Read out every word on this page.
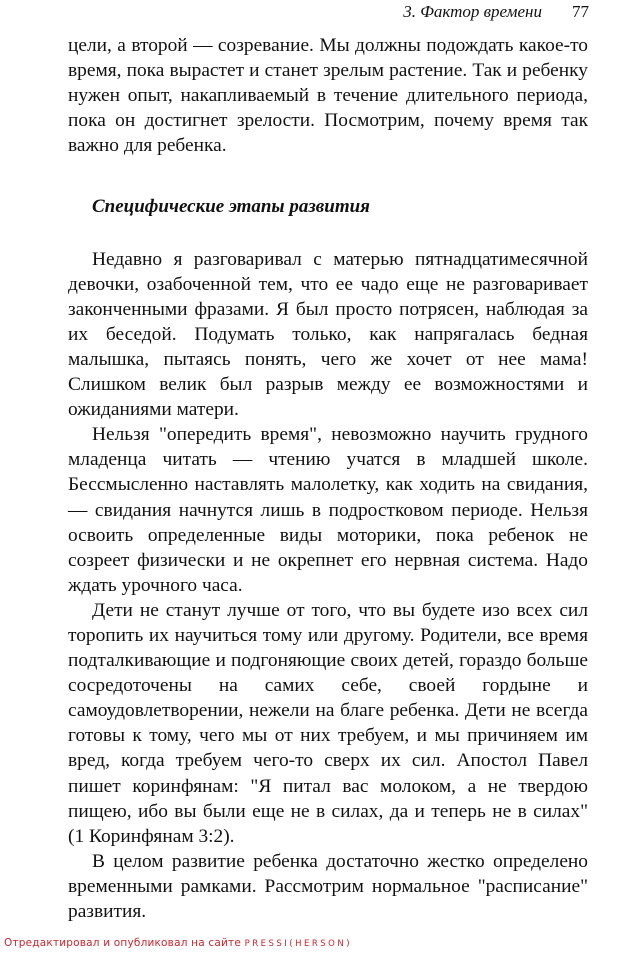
3. Фактор времени 77

цели, а второй — созревание. Мы должны подождать какое-то время, пока вырастет и станет зрелым растение. Так и ребенку нужен опыт, накапливаемый в течение длительного периода, пока он достигнет зрелости. Посмотрим, почему время так важно для ребенка.

Специфические этапы развития

Недавно я разговаривал с матерью пятнадцатимесячной девочки, озабоченной тем, что ее чадо еще не разговаривает законченными фразами. Я был просто потрясен, наблюдая за их беседой. Подумать только, как напрягалась бедная малышка, пытаясь понять, чего же хочет от нее мама! Слишком велик был разрыв между ее возможностями и ожиданиями матери.

Нельзя "опередить время", невозможно научить грудного младенца читать — чтению учатся в младшей школе. Бессмысленно наставлять малолетку, как ходить на свидания, — свидания начнутся лишь в подростковом периоде. Нельзя освоить определенные виды моторики, пока ребенок не созреет физически и не окрепнет его нервная система. Надо ждать урочного часа.

Дети не станут лучше от того, что вы будете изо всех сил торопить их научиться тому или другому. Родители, все время подталкивающие и подгоняющие своих детей, гораздо больше сосредоточены на самих себе, своей гордыне и самоудовлетворении, нежели на благе ребенка. Дети не всегда готовы к тому, чего мы от них требуем, и мы причиняем им вред, когда требуем чего-то сверх их сил. Апостол Павел пишет коринфянам: "Я питал вас молоком, а не твердою пищею, ибо вы были еще не в силах, да и теперь не в силах" (1 Коринфянам 3:2).

В целом развитие ребенка достаточно жестко определено временными рамками. Рассмотрим нормальное "расписание" развития.

Отредактировал и опубликовал на сайте PRESSI(HERSON)
